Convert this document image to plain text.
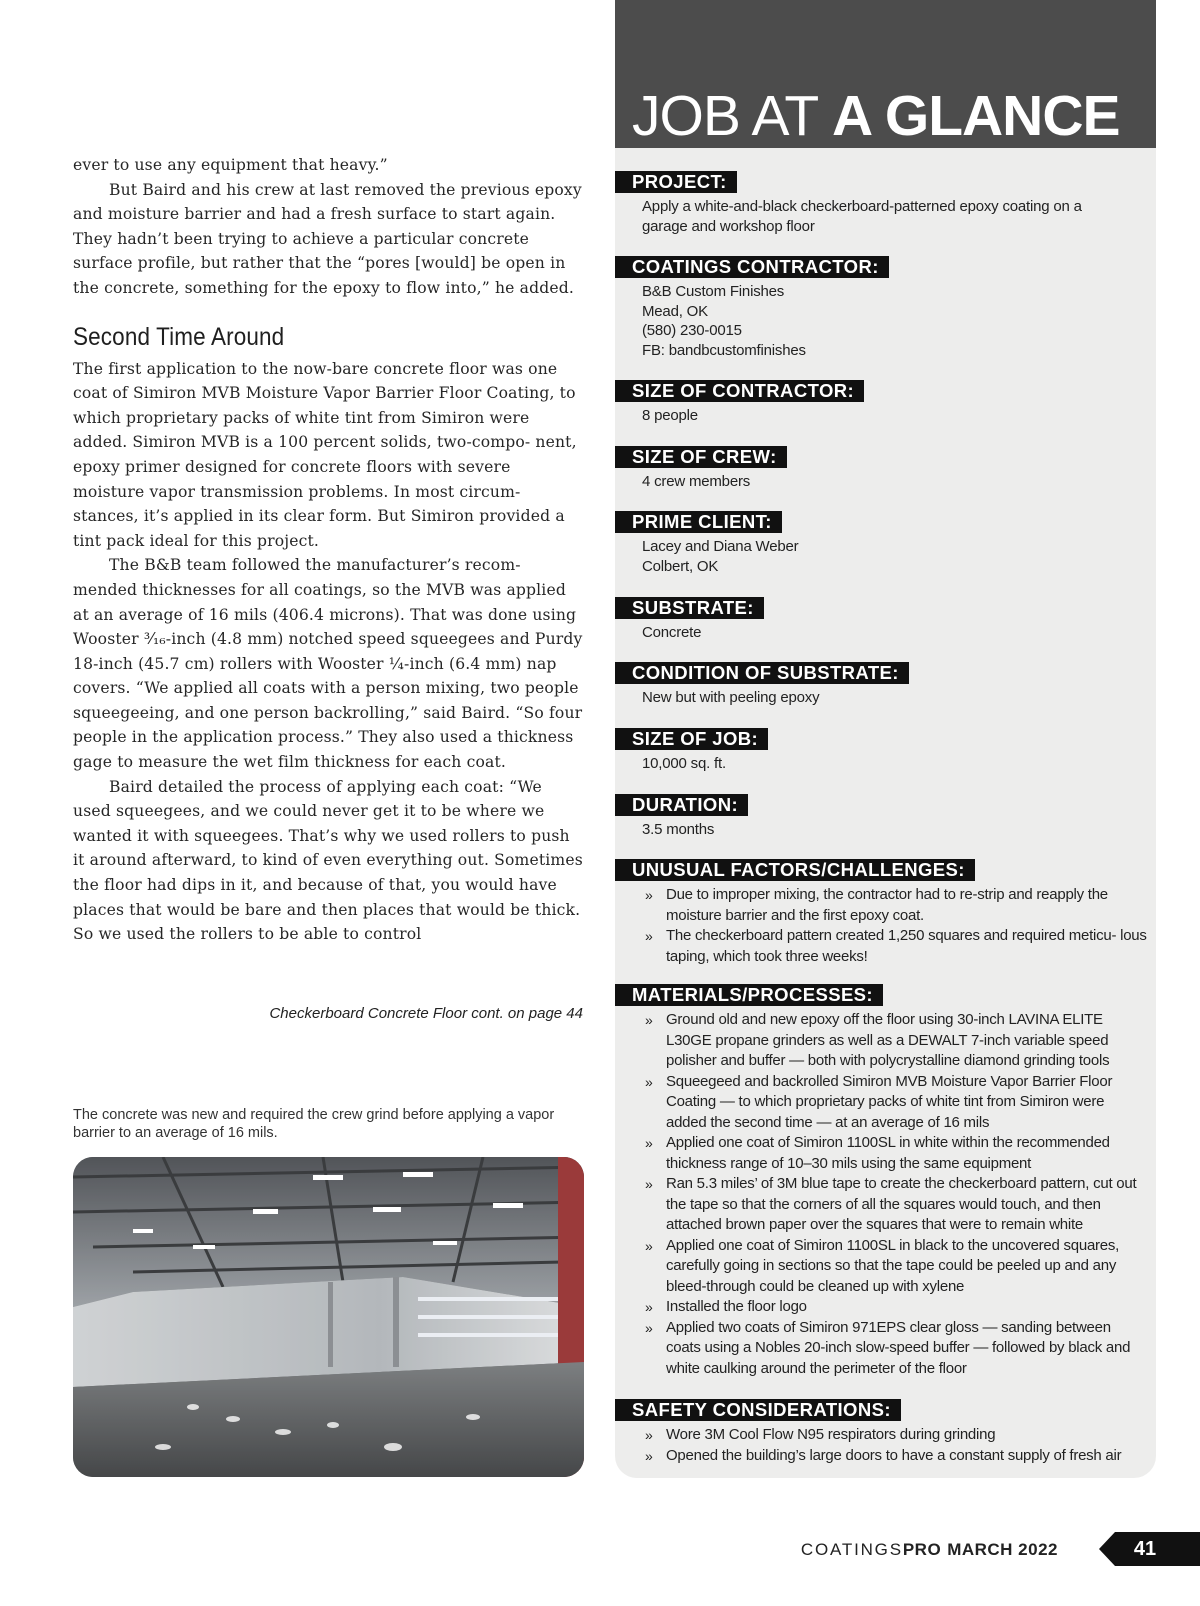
ever to use any equipment that heavy.”

But Baird and his crew at last removed the previous epoxy and moisture barrier and had a fresh surface to start again. They hadn’t been trying to achieve a particular concrete surface profile, but rather that the “pores [would] be open in the concrete, something for the epoxy to flow into,” he added.

Second Time Around

The first application to the now-bare concrete floor was one coat of Simiron MVB Moisture Vapor Barrier Floor Coating, to which proprietary packs of white tint from Simiron were added. Simiron MVB is a 100 percent solids, two-compo- nent, epoxy primer designed for concrete floors with severe moisture vapor transmission problems. In most circum- stances, it’s applied in its clear form. But Simiron provided a tint pack ideal for this project.

The B&B team followed the manufacturer’s recom- mended thicknesses for all coatings, so the MVB was applied at an average of 16 mils (406.4 microns). That was done using Wooster ³⁄₁₆-inch (4.8 mm) notched speed squeegees and Purdy 18-inch (45.7 cm) rollers with Wooster ¼-inch (6.4 mm) nap covers. “We applied all coats with a person mixing, two people squeegeeing, and one person backrolling,” said Baird. “So four people in the application process.” They also used a thickness gage to measure the wet film thickness for each coat.

Baird detailed the process of applying each coat: “We used squeegees, and we could never get it to be where we wanted it with squeegees. That’s why we used rollers to push it around afterward, to kind of even everything out. Sometimes the floor had dips in it, and because of that, you would have places that would be bare and then places that would be thick. So we used the rollers to be able to control

Checkerboard Concrete Floor cont. on page 44
The concrete was new and required the crew grind before applying a vapor barrier to an average of 16 mils.
JOB AT A GLANCE
PROJECT:
Apply a white-and-black checkerboard-patterned epoxy coating on a
garage and workshop floor
COATINGS CONTRACTOR:
B&B Custom Finishes
Mead, OK
(580) 230-0015
FB: bandbcustomfinishes
SIZE OF CONTRACTOR:
8 people
SIZE OF CREW:
4 crew members
PRIME CLIENT:
Lacey and Diana Weber
Colbert, OK
SUBSTRATE:
Concrete
CONDITION OF SUBSTRATE:
New but with peeling epoxy
SIZE OF JOB:
10,000 sq. ft.
DURATION:
3.5 months
UNUSUAL FACTORS/CHALLENGES:
» Due to improper mixing, the contractor had to re-strip and reapply the moisture barrier and the first epoxy coat.
» The checkerboard pattern created 1,250 squares and required meticu- lous taping, which took three weeks!
MATERIALS/PROCESSES:
» Ground old and new epoxy off the floor using 30-inch LAVINA ELITE L30GE propane grinders as well as a DEWALT 7-inch variable speed polisher and buffer — both with polycrystalline diamond grinding tools
» Squeegeed and backrolled Simiron MVB Moisture Vapor Barrier Floor Coating — to which proprietary packs of white tint from Simiron were added the second time — at an average of 16 mils
» Applied one coat of Simiron 1100SL in white within the recommended thickness range of 10–30 mils using the same equipment
» Ran 5.3 miles’ of 3M blue tape to create the checkerboard pattern, cut out the tape so that the corners of all the squares would touch, and then attached brown paper over the squares that were to remain white
» Applied one coat of Simiron 1100SL in black to the uncovered squares, carefully going in sections so that the tape could be peeled up and any bleed-through could be cleaned up with xylene
» Installed the floor logo
» Applied two coats of Simiron 971EPS clear gloss — sanding between coats using a Nobles 20-inch slow-speed buffer — followed by black and white caulking around the perimeter of the floor
SAFETY CONSIDERATIONS:
» Wore 3M Cool Flow N95 respirators during grinding
» Opened the building’s large doors to have a constant supply of fresh air
COATINGSPRO MARCH 2022	41
